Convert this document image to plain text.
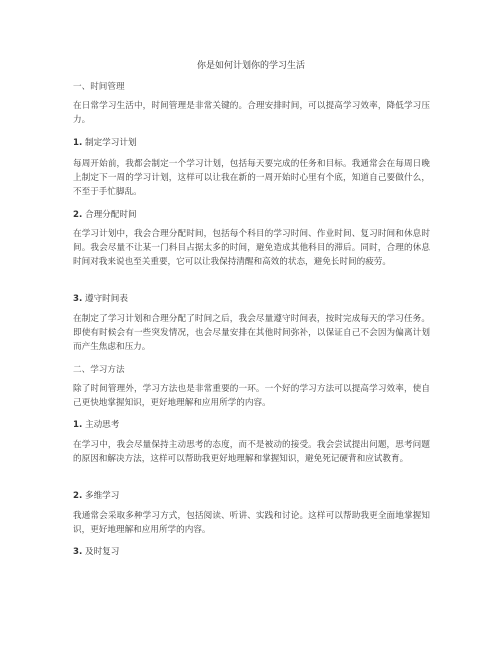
你是如何计划你的学习生活
一、时间管理
在日常学习生活中，时间管理是非常关键的。合理安排时间，可以提高学习效率，降低学习压力。
1. 制定学习计划
每周开始前，我都会制定一个学习计划，包括每天要完成的任务和目标。我通常会在每周日晚上制定下一周的学习计划，这样可以让我在新的一周开始时心里有个底，知道自己要做什么，不至于手忙脚乱。
2. 合理分配时间
在学习计划中，我会合理分配时间，包括每个科目的学习时间、作业时间、复习时间和休息时间。我会尽量不让某一门科目占据太多的时间，避免造成其他科目的滞后。同时，合理的休息时间对我来说也至关重要，它可以让我保持清醒和高效的状态，避免长时间的疲劳。
3. 遵守时间表
在制定了学习计划和合理分配了时间之后，我会尽量遵守时间表，按时完成每天的学习任务。即使有时候会有一些突发情况，也会尽量安排在其他时间弥补，以保证自己不会因为偏离计划而产生焦虑和压力。
二、学习方法
除了时间管理外，学习方法也是非常重要的一环。一个好的学习方法可以提高学习效率，使自己更快地掌握知识，更好地理解和应用所学的内容。
1. 主动思考
在学习中，我会尽量保持主动思考的态度，而不是被动的接受。我会尝试提出问题，思考问题的原因和解决方法，这样可以帮助我更好地理解和掌握知识，避免死记硬背和应试教育。
2. 多维学习
我通常会采取多种学习方式，包括阅读、听讲、实践和讨论。这样可以帮助我更全面地掌握知识，更好地理解和应用所学的内容。
3. 及时复习
